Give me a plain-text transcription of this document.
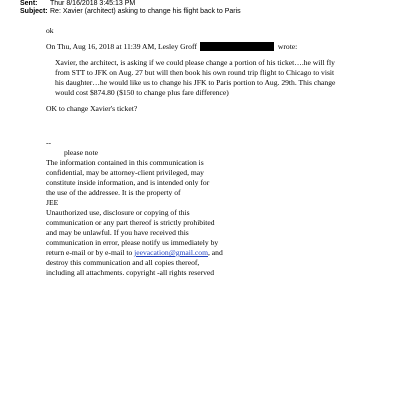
Sent: Thur 8/16/2018 3:45:13 PM
Subject: Re: Xavier (architect) asking to change his flight back to Paris
ok
On Thu, Aug 16, 2018 at 11:39 AM, Lesley Groff	wrote:
Xavier, the architect, is asking if we could please change a portion of his ticket….he will fly
from STT to JFK on Aug. 27 but will then book his own round trip flight to Chicago to visit
his daughter…he would like us to change his JFK to Paris portion to Aug. 29th. This change
would cost $874.80 ($150 to change plus fare difference)
OK to change Xavier's ticket?
--
please note
The information contained in this communication is
confidential, may be attorney-client privileged, may
constitute inside information, and is intended only for
the use of the addressee. It is the property of
JEE
Unauthorized use, disclosure or copying of this
communication or any part thereof is strictly prohibited
and may be unlawful. If you have received this
communication in error, please notify us immediately by
return e-mail or by e-mail to jeevacation@gmail.com, and
destroy this communication and all copies thereof,
including all attachments. copyright -all rights reserved
